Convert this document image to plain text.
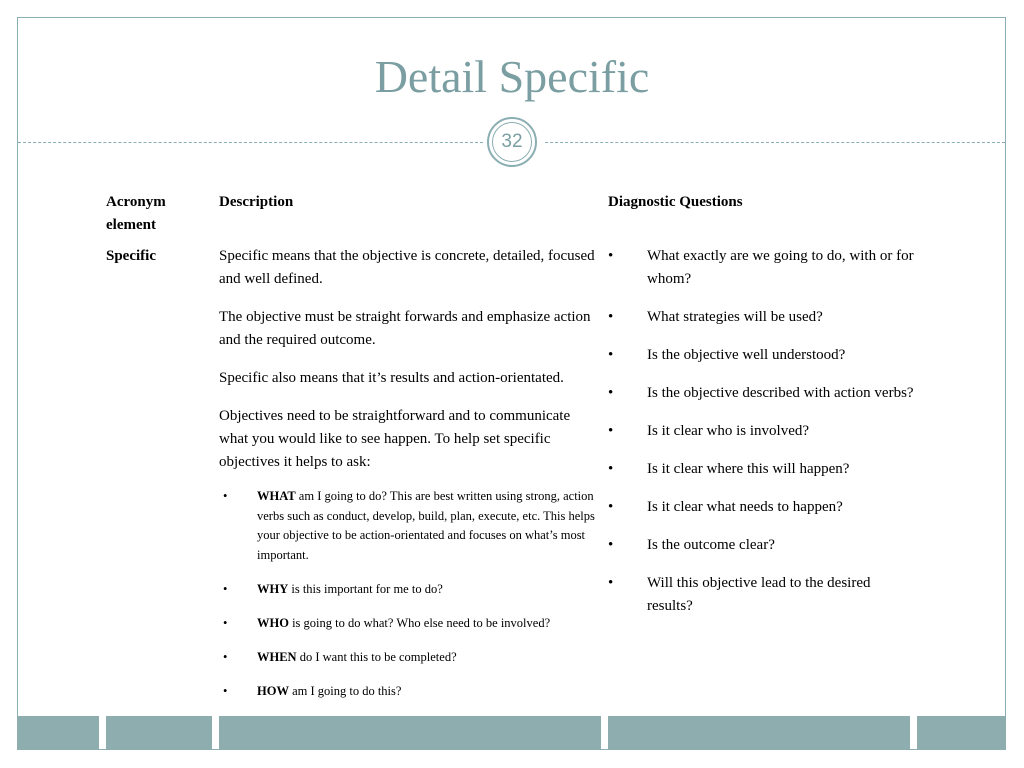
Detail Specific
32
Acronym element
Description	Diagnostic Questions
Specific	Specific means that the objective is concrete, detailed, focused and well defined.

The objective must be straight forwards and emphasize action and the required outcome.

Specific also means that it’s results and action-orientated.

Objectives need to be straightforward and to communicate what you would like to see happen. To help set specific objectives it helps to ask:

• WHAT am I going to do? This are best written using strong, action verbs such as conduct, develop, build, plan, execute, etc. This helps your objective to be action-orientated and focuses on what’s most important.
• WHY is this important for me to do?
• WHO is going to do what? Who else need to be involved?
• WHEN do I want this to be completed?
• HOW am I going to do this?
• What exactly are we going to do, with or for whom?
• What strategies will be used?
• Is the objective well understood?
• Is the objective described with action verbs?
• Is it clear who is involved?
• Is it clear where this will happen?
• Is it clear what needs to happen?
• Is the outcome clear?
• Will this objective lead to the desired results?
